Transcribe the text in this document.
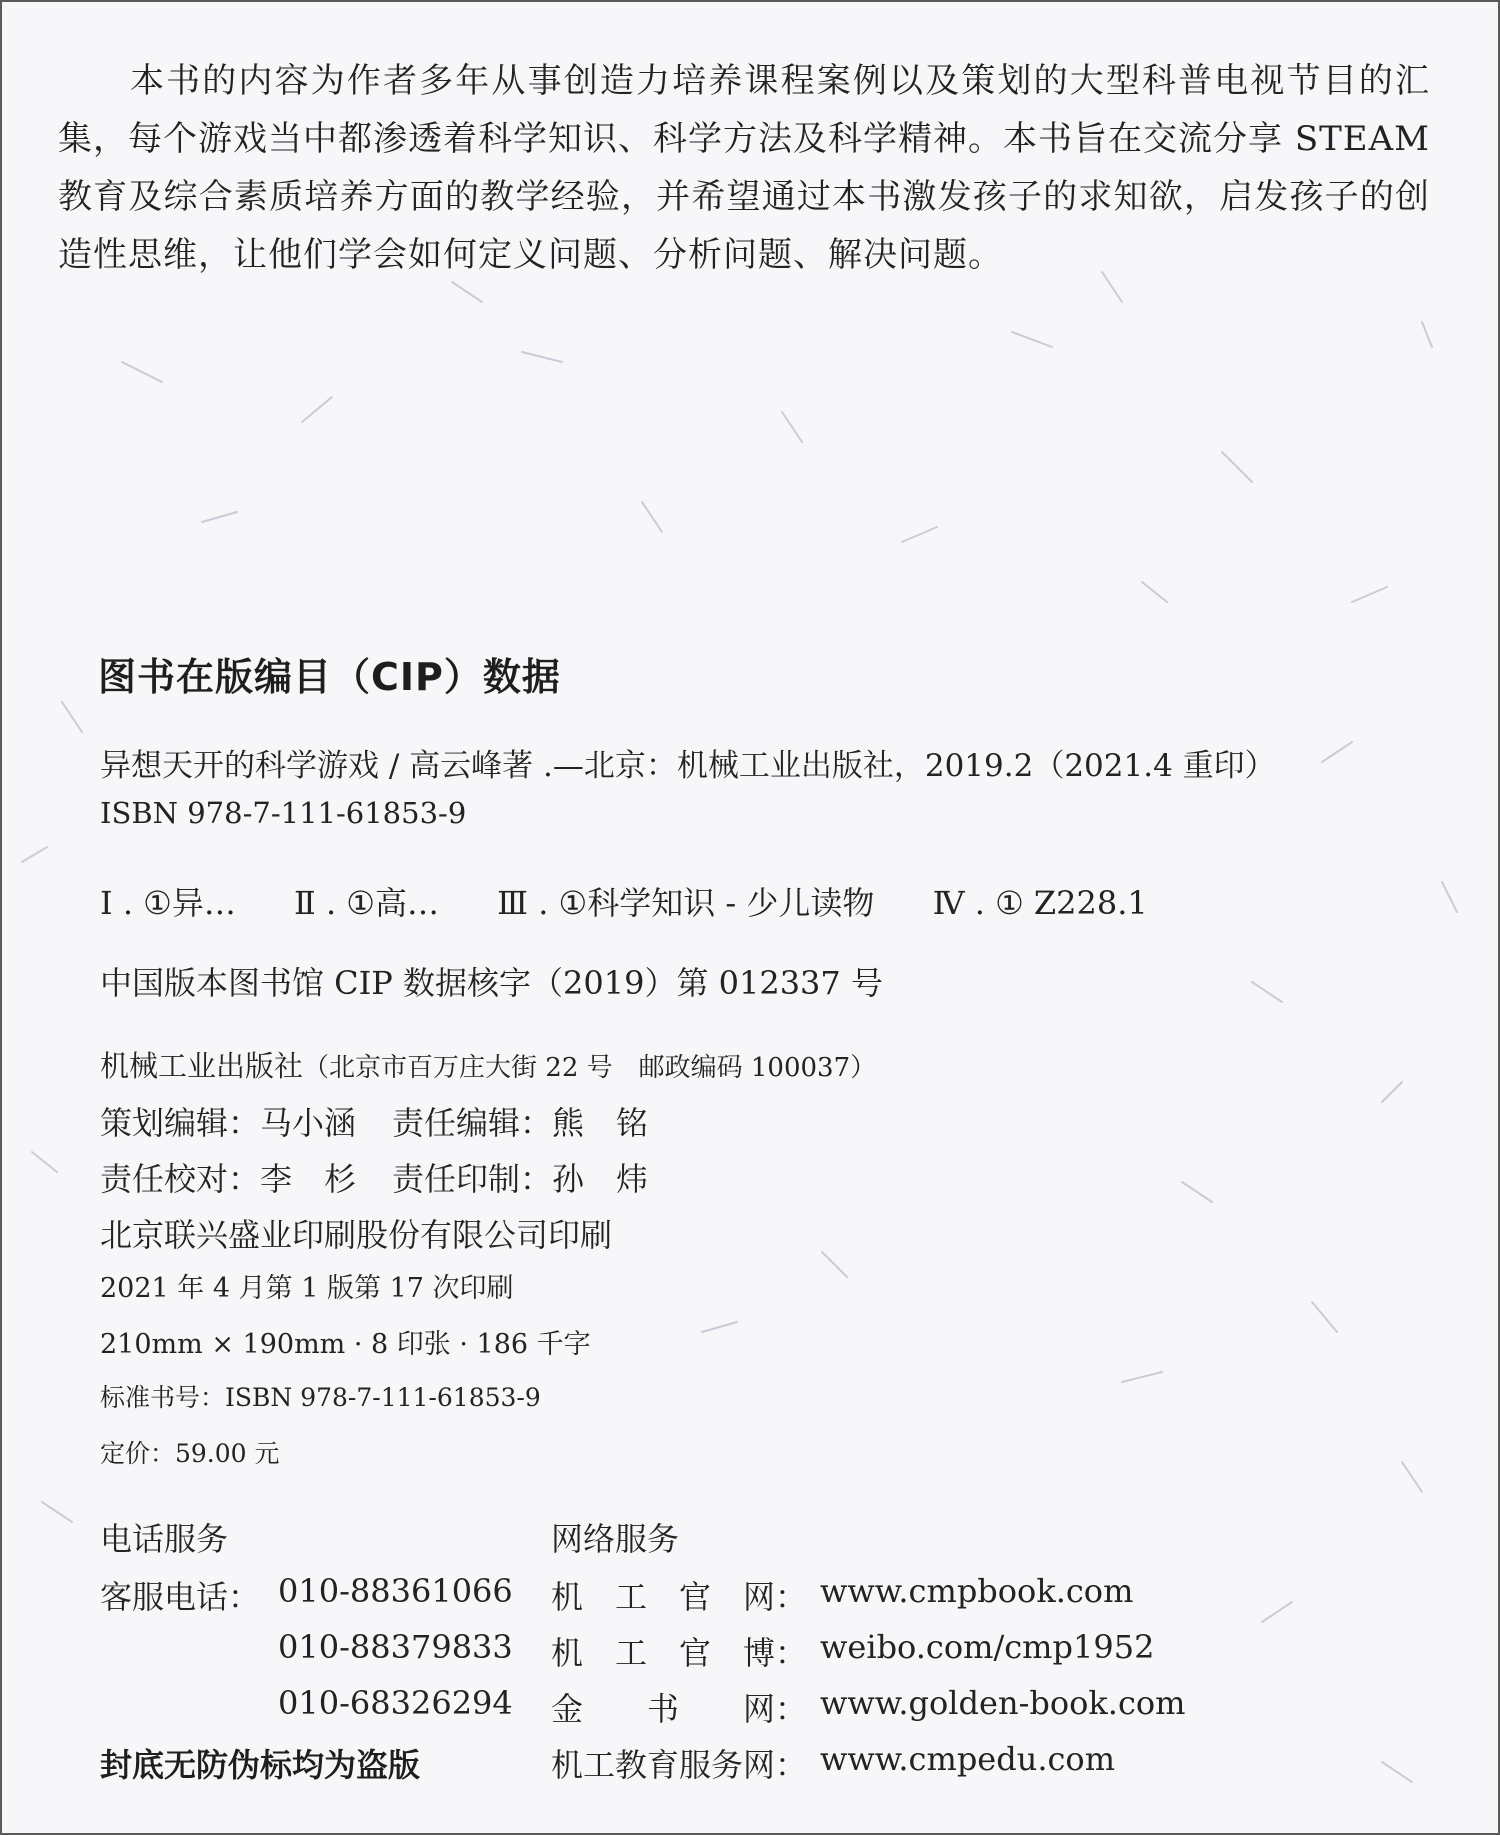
本书的内容为作者多年从事创造力培养课程案例以及策划的大型科普电视节目的汇集，每个游戏当中都渗透着科学知识、科学方法及科学精神。本书旨在交流分享 STEAM 教育及综合素质培养方面的教学经验，并希望通过本书激发孩子的求知欲，启发孩子的创造性思维，让他们学会如何定义问题、分析问题、解决问题。

图书在版编目（CIP）数据
异想天开的科学游戏 / 高云峰著 .—北京：机械工业出版社，2019.2（2021.4 重印）
ISBN 978-7-111-61853-9
Ⅰ . ①异… Ⅱ . ①高… Ⅲ . ①科学知识 - 少儿读物 Ⅳ . ① Z228.1
中国版本图书馆 CIP 数据核字（2019）第 012337 号
机械工业出版社（北京市百万庄大街 22 号　邮政编码 100037）
策划编辑：马小涵 责任编辑：熊　铭
责任校对：李　杉 责任印制：孙　炜
北京联兴盛业印刷股份有限公司印刷
2021 年 4 月第 1 版第 17 次印刷
210mm × 190mm · 8 印张 · 186 千字
标准书号：ISBN 978-7-111-61853-9
定价：59.00 元
电话服务	网络服务
客服电话： 010-88361066
010-88379833
010-68326294
封底无防伪标均为盗版
机 工 官 网： www.cmpbook.com
机 工 官 博： weibo.com/cmp1952
金 书 网： www.golden-book.com
机工教育服务网： www.cmpedu.com
